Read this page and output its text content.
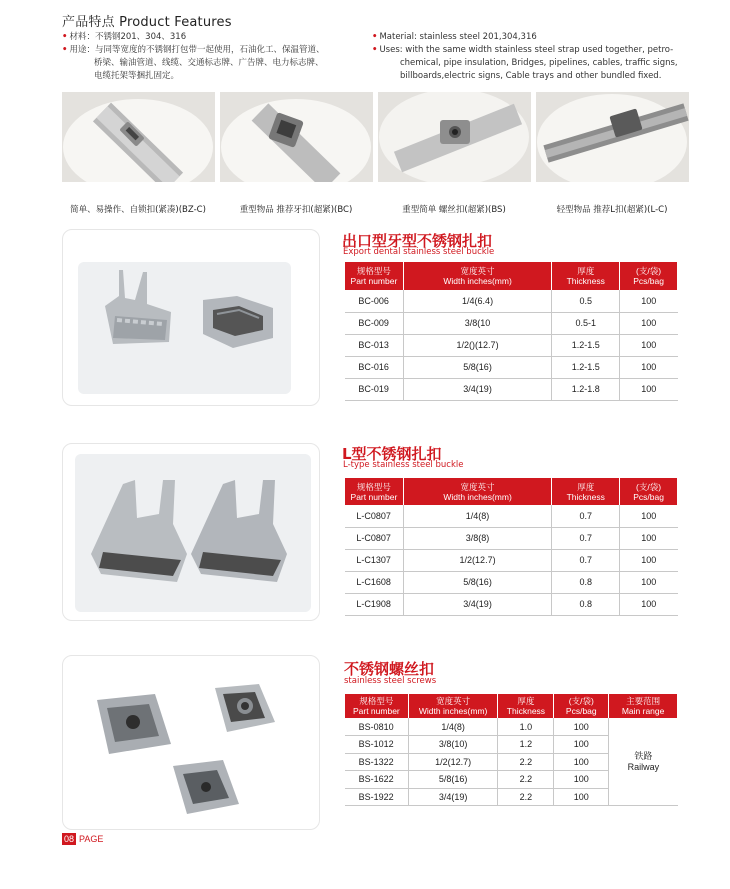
产品特点 Product Features
• 材料：不锈钢201、304、316
• 用途：与同等宽度的不锈钢打包带一起使用，石油化工、保温管道、
桥梁、输油管道、线缆、交通标志牌、广告牌、电力标志牌、
电缆托架等捆扎固定。
• Material: stainless steel 201,304,316
• Uses: with the same width stainless steel strap used together, petro-
chemical, pipe insulation, Bridges, pipelines, cables, traffic signs,
billboards,electric signs, Cable trays and other bundled fixed.
简单、易操作、自锁扣(紧凑)(BZ-C)	重型物品 推荐牙扣(超紧)(BC)	重型简单 螺丝扣(超紧)(BS)	轻型物品 推荐L扣(超紧)(L-C)
出口型牙型不锈钢扎扣
Export dental stainless steel buckle
规格型号
Part number	宽度英寸
Width inches(mm)	厚度
Thickness	(支/袋)
Pcs/bag
BC-006	1/4(6.4)	0.5	100
BC-009	3/8(10	0.5-1	100
BC-013	1/2()(12.7)	1.2-1.5	100
BC-016	5/8(16)	1.2-1.5	100
BC-019	3/4(19)	1.2-1.8	100
L型不锈钢扎扣
L-type stainless steel buckle
规格型号
Part number	宽度英寸
Width inches(mm)	厚度
Thickness	(支/袋)
Pcs/bag
L-C0807	1/4(8)	0.7	100
L-C0807	3/8(8)	0.7	100
L-C1307	1/2(12.7)	0.7	100
L-C1608	5/8(16)	0.8	100
L-C1908	3/4(19)	0.8	100
不锈钢螺丝扣
stainless steel screws
规格型号
Part number	宽度英寸
Width inches(mm)	厚度
Thickness	(支/袋)
Pcs/bag	主要范围
Main range
BS-0810	1/4(8)	1.0	100	铁路
Railway
BS-1012	3/8(10)	1.2	100	
BS-1322	1/2(12.7)	2.2	100	
BS-1622	5/8(16)	2.2	100	
BS-1922	3/4(19)	2.2	100	
08 PAGE
